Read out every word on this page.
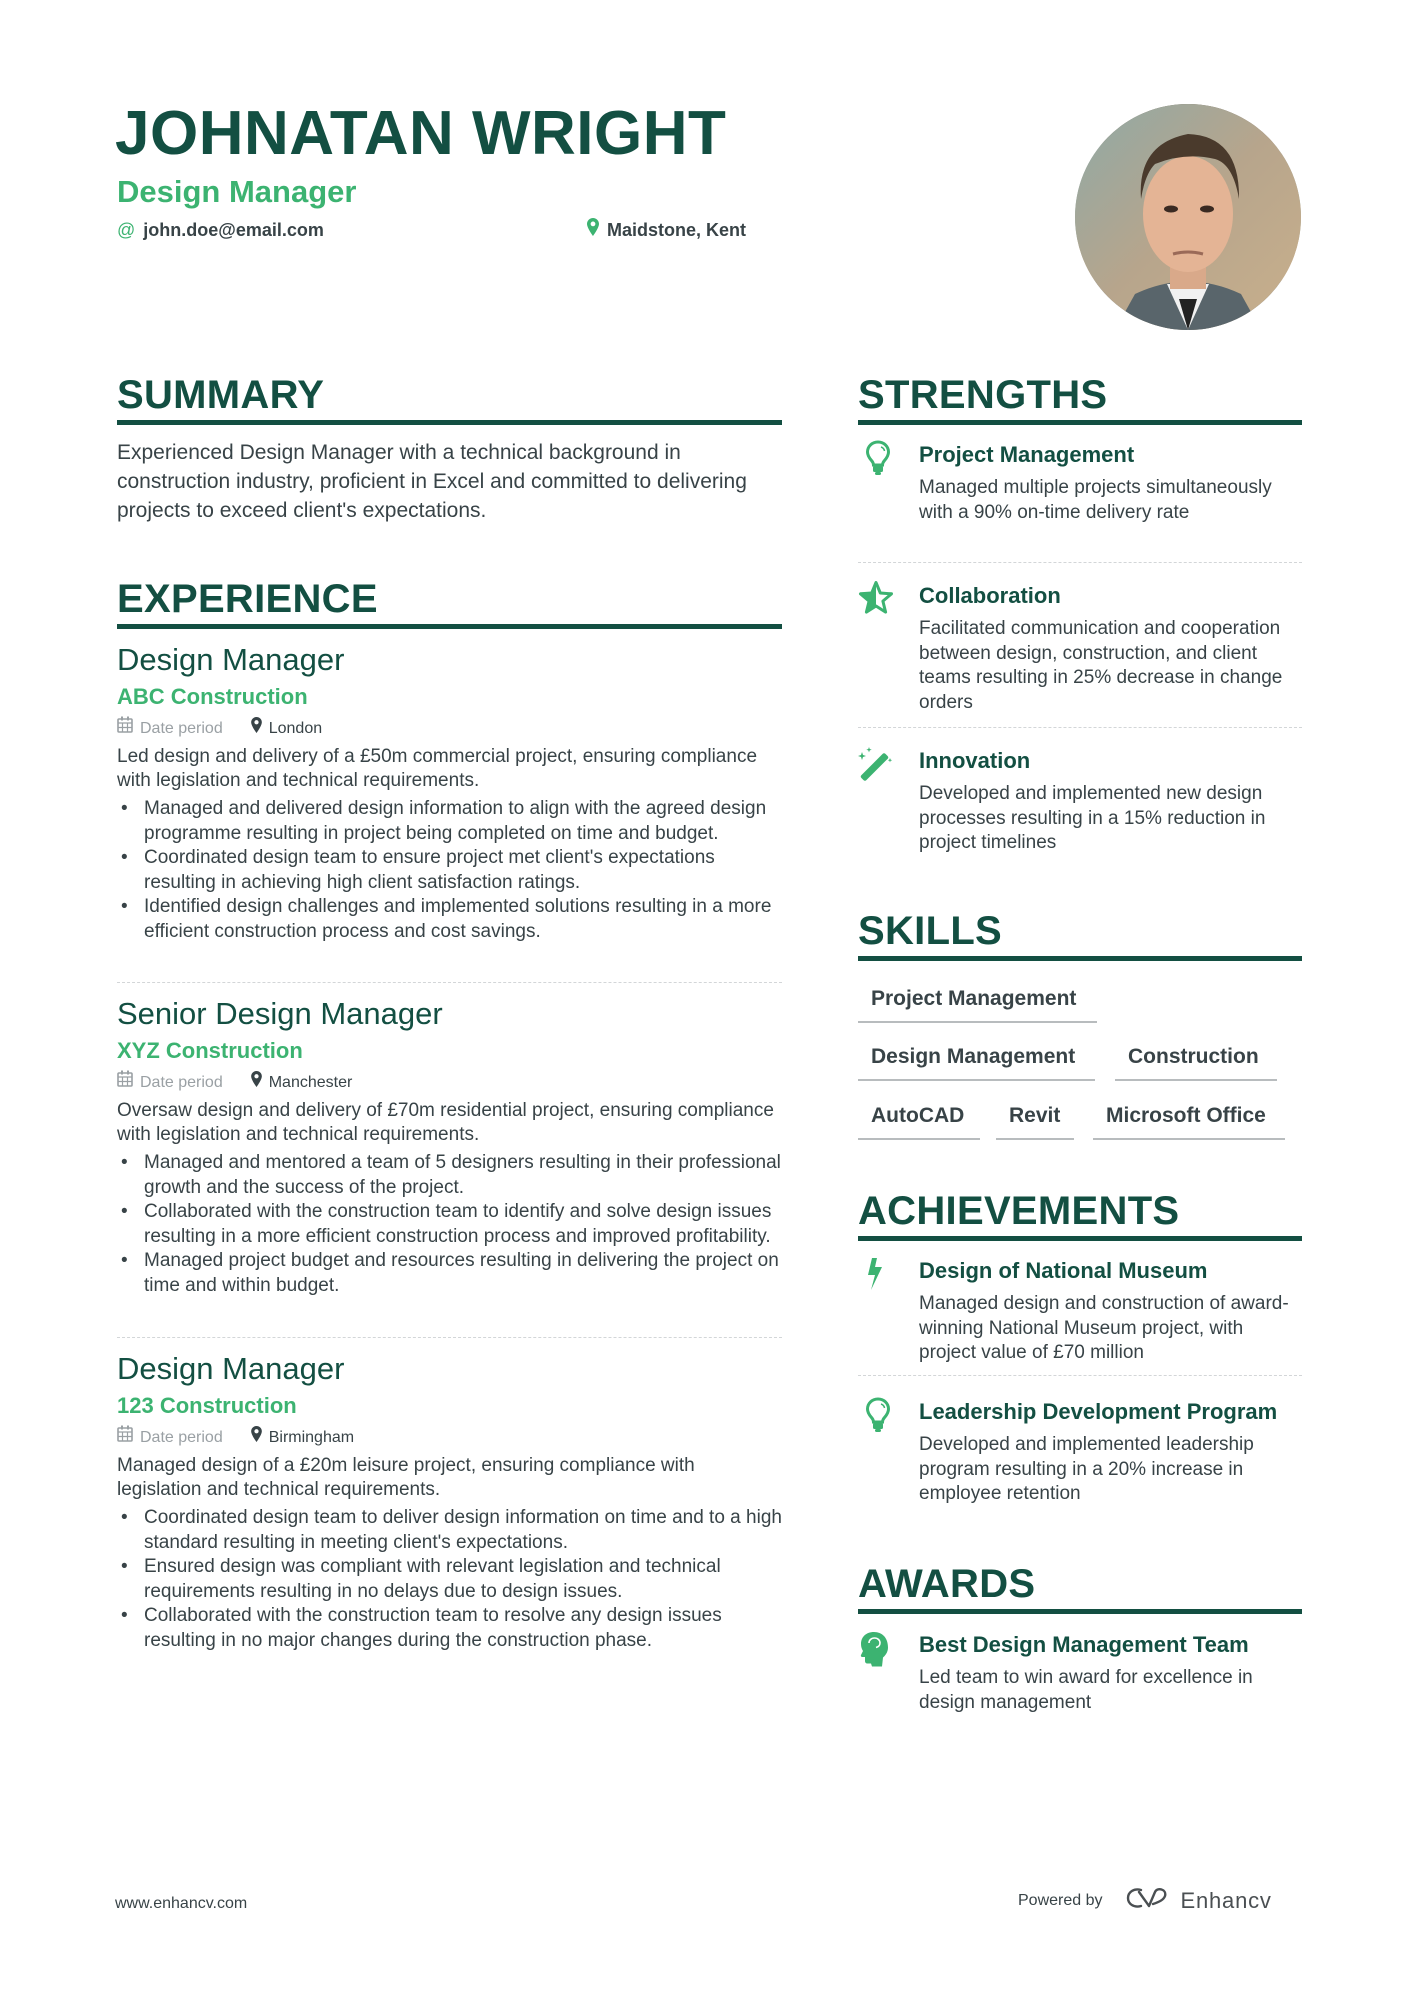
JOHNATAN WRIGHT
Design Manager
@ john.doe@email.com	Maidstone, Kent
SUMMARY
Experienced Design Manager with a technical background in construction industry, proficient in Excel and committed to delivering projects to exceed client's expectations.
EXPERIENCE
Design Manager
ABC Construction
Date period	London
Led design and delivery of a £50m commercial project, ensuring compliance with legislation and technical requirements.
• Managed and delivered design information to align with the agreed design programme resulting in project being completed on time and budget.
• Coordinated design team to ensure project met client's expectations resulting in achieving high client satisfaction ratings.
• Identified design challenges and implemented solutions resulting in a more efficient construction process and cost savings.
Senior Design Manager
XYZ Construction
Date period	Manchester
Oversaw design and delivery of £70m residential project, ensuring compliance with legislation and technical requirements.
• Managed and mentored a team of 5 designers resulting in their professional growth and the success of the project.
• Collaborated with the construction team to identify and solve design issues resulting in a more efficient construction process and improved profitability.
• Managed project budget and resources resulting in delivering the project on time and within budget.
Design Manager
123 Construction
Date period	Birmingham
Managed design of a £20m leisure project, ensuring compliance with legislation and technical requirements.
• Coordinated design team to deliver design information on time and to a high standard resulting in meeting client's expectations.
• Ensured design was compliant with relevant legislation and technical requirements resulting in no delays due to design issues.
• Collaborated with the construction team to resolve any design issues resulting in no major changes during the construction phase.
STRENGTHS
Project Management
Managed multiple projects simultaneously with a 90% on-time delivery rate
Collaboration
Facilitated communication and cooperation between design, construction, and client teams resulting in 25% decrease in change orders
Innovation
Developed and implemented new design processes resulting in a 15% reduction in project timelines
SKILLS
Project Management
Design Management	Construction
AutoCAD	Revit	Microsoft Office
ACHIEVEMENTS
Design of National Museum
Managed design and construction of award-winning National Museum project, with project value of £70 million
Leadership Development Program
Developed and implemented leadership program resulting in a 20% increase in employee retention
AWARDS
Best Design Management Team
Led team to win award for excellence in design management
www.enhancv.com	Powered by	Enhancv
